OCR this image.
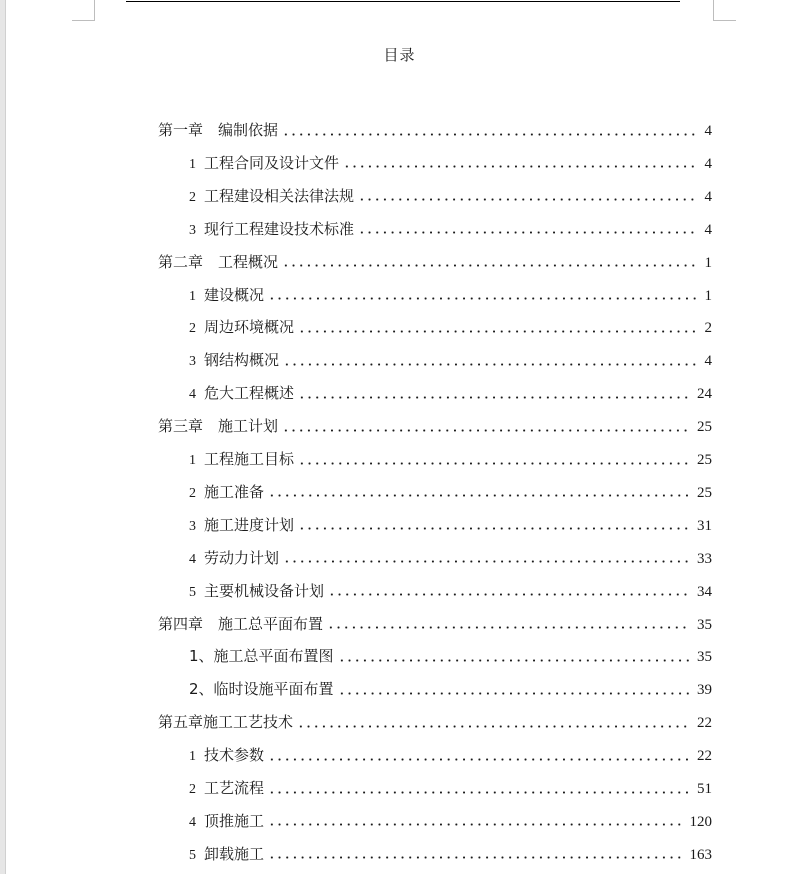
目录
第一章　编制依据	4
1 工程合同及设计文件	4
2 工程建设相关法律法规	4
3 现行工程建设技术标准	4
第二章　工程概况	1
1 建设概况	1
2 周边环境概况	2
3 钢结构概况	4
4 危大工程概述	24
第三章　施工计划	25
1 工程施工目标	25
2 施工准备	25
3 施工进度计划	31
4 劳动力计划	33
5 主要机械设备计划	34
第四章　施工总平面布置	35
1、施工总平面布置图	35
2、临时设施平面布置	39
第五章施工工艺技术	22
1 技术参数	22
2 工艺流程	51
4 顶推施工	120
5 卸载施工	163
